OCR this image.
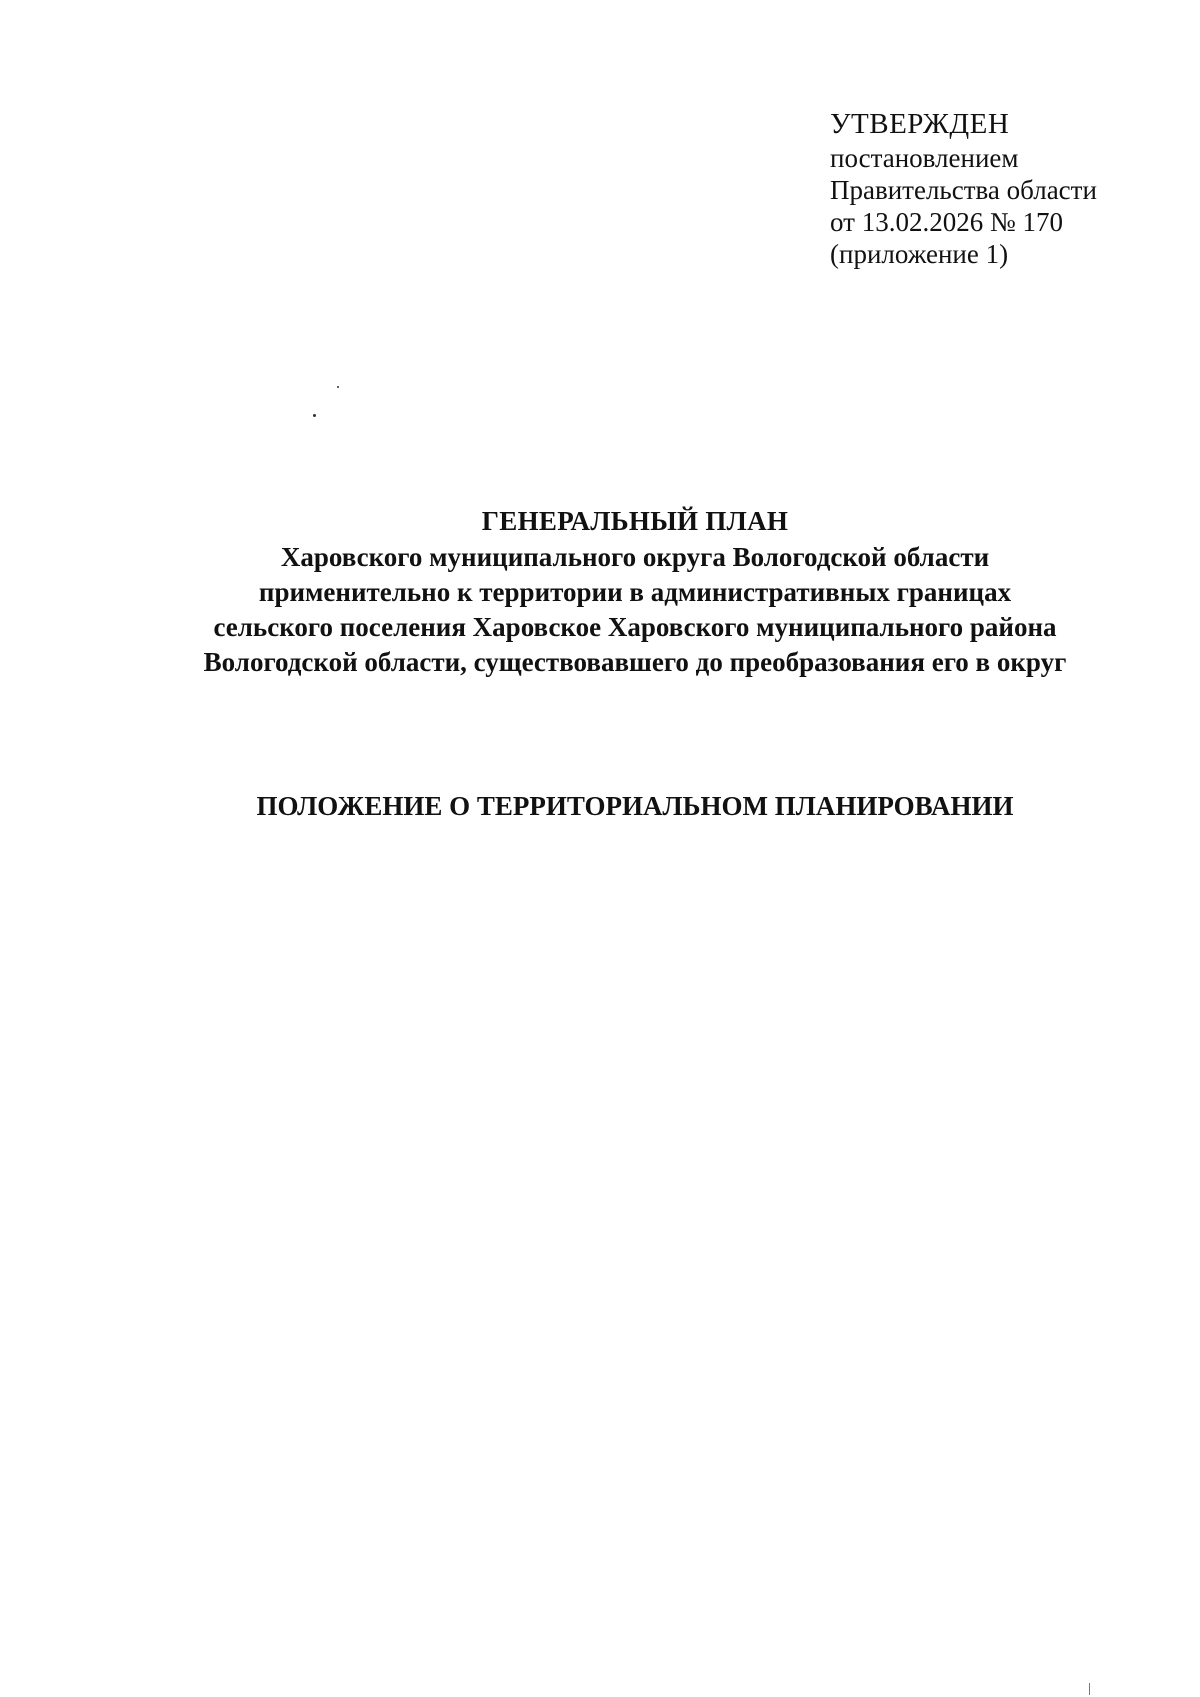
УТВЕРЖДЕН
постановлением
Правительства области
от 13.02.2026 № 170
(приложение 1)
ГЕНЕРАЛЬНЫЙ ПЛАН
Харовского муниципального округа Вологодской области
применительно к территории в административных границах
сельского поселения Харовское Харовского муниципального района
Вологодской области, существовавшего до преобразования его в округ
ПОЛОЖЕНИЕ О ТЕРРИТОРИАЛЬНОМ ПЛАНИРОВАНИИ
